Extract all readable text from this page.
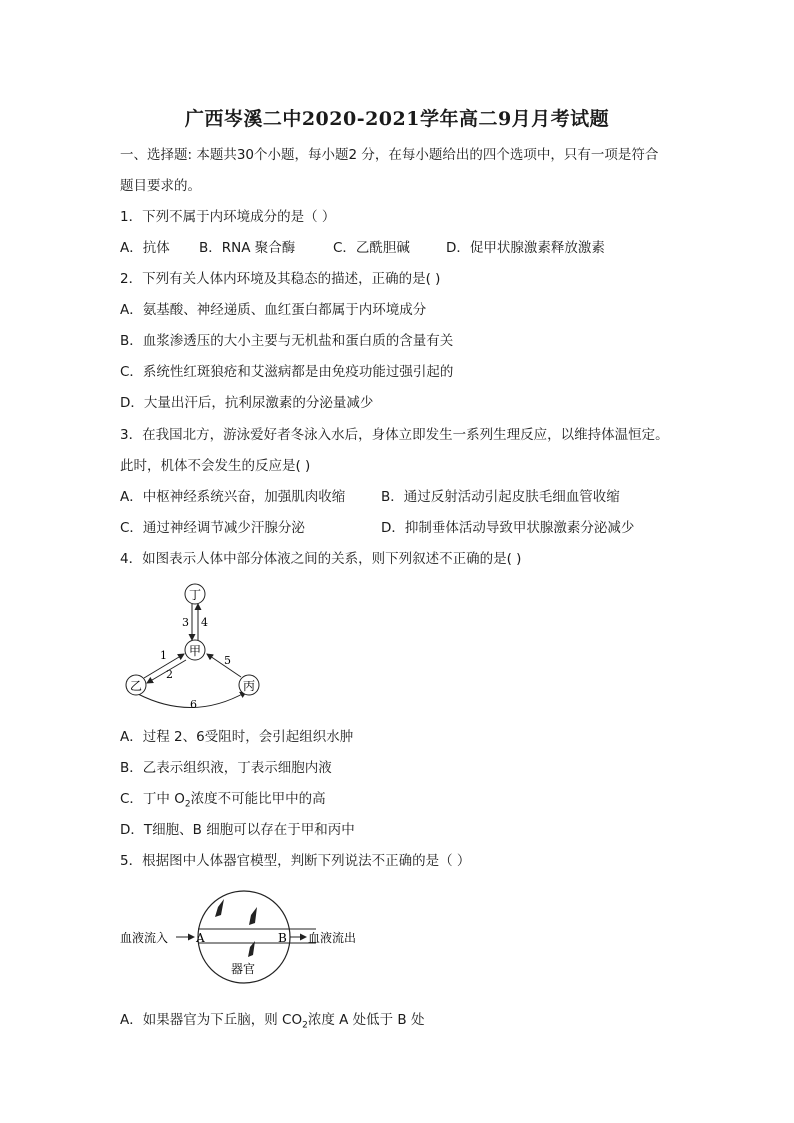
广西岑溪二中2020-2021学年高二9月月考试题
一、选择题: 本题共30个小题，每小题2 分，在每小题给出的四个选项中，只有一项是符合
题目要求的。
1．下列不属于内环境成分的是（ ）
A．抗体 B．RNA 聚合酶	C．乙酰胆碱	D．促甲状腺激素释放激素
2．下列有关人体内环境及其稳态的描述，正确的是( )
A．氨基酸、神经递质、血红蛋白都属于内环境成分
B．血浆渗透压的大小主要与无机盐和蛋白质的含量有关
C．系统性红斑狼疮和艾滋病都是由免疫功能过强引起的
D．大量出汗后，抗利尿激素的分泌量减少
3．在我国北方，游泳爱好者冬泳入水后，身体立即发生一系列生理反应，以维持体温恒定。
此时，机体不会发生的反应是( )
A．中枢神经系统兴奋，加强肌肉收缩	B．通过反射活动引起皮肤毛细血管收缩
C．通过神经调节减少汗腺分泌	D．抑制垂体活动导致甲状腺激素分泌减少
4．如图表示人体中部分体液之间的关系，则下列叙述不正确的是( )
丁
甲
乙	丙
1
2
3 4
5
6
A．过程 2、6受阻时，会引起组织水肿
B．乙表示组织液，丁表示细胞内液
C．丁中 $O_2$浓度不可能比甲中的高
D．T细胞、B 细胞可以存在于甲和丙中
5．根据图中人体器官模型，判断下列说法不正确的是（ ）
血液流入 A	B 血液流出
器官
A．如果器官为下丘脑，则 $CO_2$浓度 A 处低于 B 处
